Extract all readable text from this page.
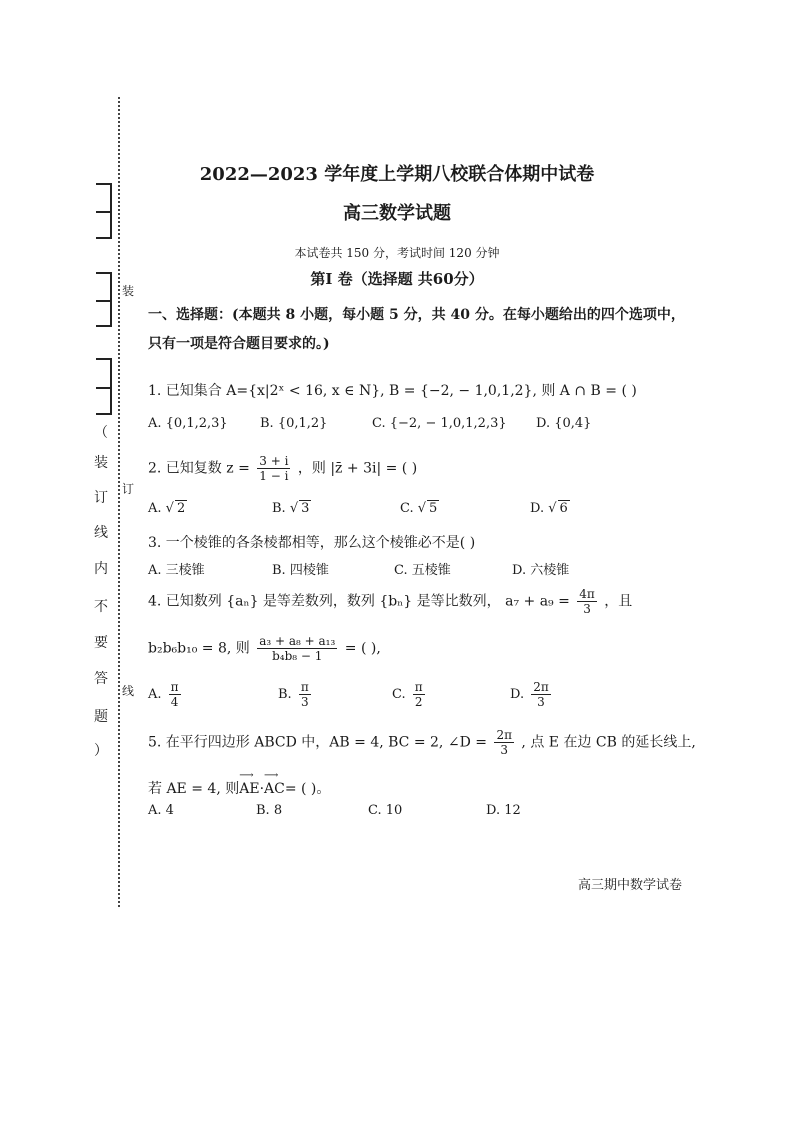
装
订
线
（
装
订
线
内
不
要
答
题
）
2022—2023 学年度上学期八校联合体期中试卷
高三数学试题
本试卷共 150 分，考试时间 120 分钟
第Ⅰ 卷（选择题 共60分）
一、选择题：(本题共 8 小题，每小题 5 分，共 40 分。在每小题给出的四个选项中，
只有一项是符合题目要求的。)
1. 已知集合 A={x|2ˣ < 16, x ∈ N}, B = {−2, − 1,0,1,2}, 则 A ∩ B = ( )
A. {0,1,2,3} B. {0,1,2}	C. {−2, − 1,0,1,2,3} D. {0,4}
2. 已知复数 $z = \frac{3 + i}{1 - i}$ ，则 |z̄ + 3i| = ( )
A. √ 2	B. √ 3	C. √ 5	D. √ 6
3. 一个棱锥的各条棱都相等，那么这个棱锥必不是( )
A. 三棱锥	B. 四棱锥	C. 五棱锥	D. 六棱锥
4. 已知数列 {aₙ} 是等差数列，数列 {bₙ} 是等比数列， $a_7 + a_9 = \frac{4\pi}{3}$ ，且
b₂b₆b₁₀ = 8, 则 $\frac{\text{a₃ + a₈ + a₁₃}}{\text{b₄b₈ − 1}}$ = ( ),
A. $\frac{\pi}{4}$	B. $\frac{\pi}{3}$	C. $\frac{\pi}{2}$	D. $\frac{2\pi}{3}$
5. 在平行四边形 ABCD 中，AB = 4, BC = 2, ∠D = $\frac{2\pi}{3}$ , 点 E 在边 CB 的延长线上,
若 AE = 4, 则⟶ AE·⟶ AC= ( )。
A. 4	B. 8	C. 10	D. 12
高三期中数学试卷
